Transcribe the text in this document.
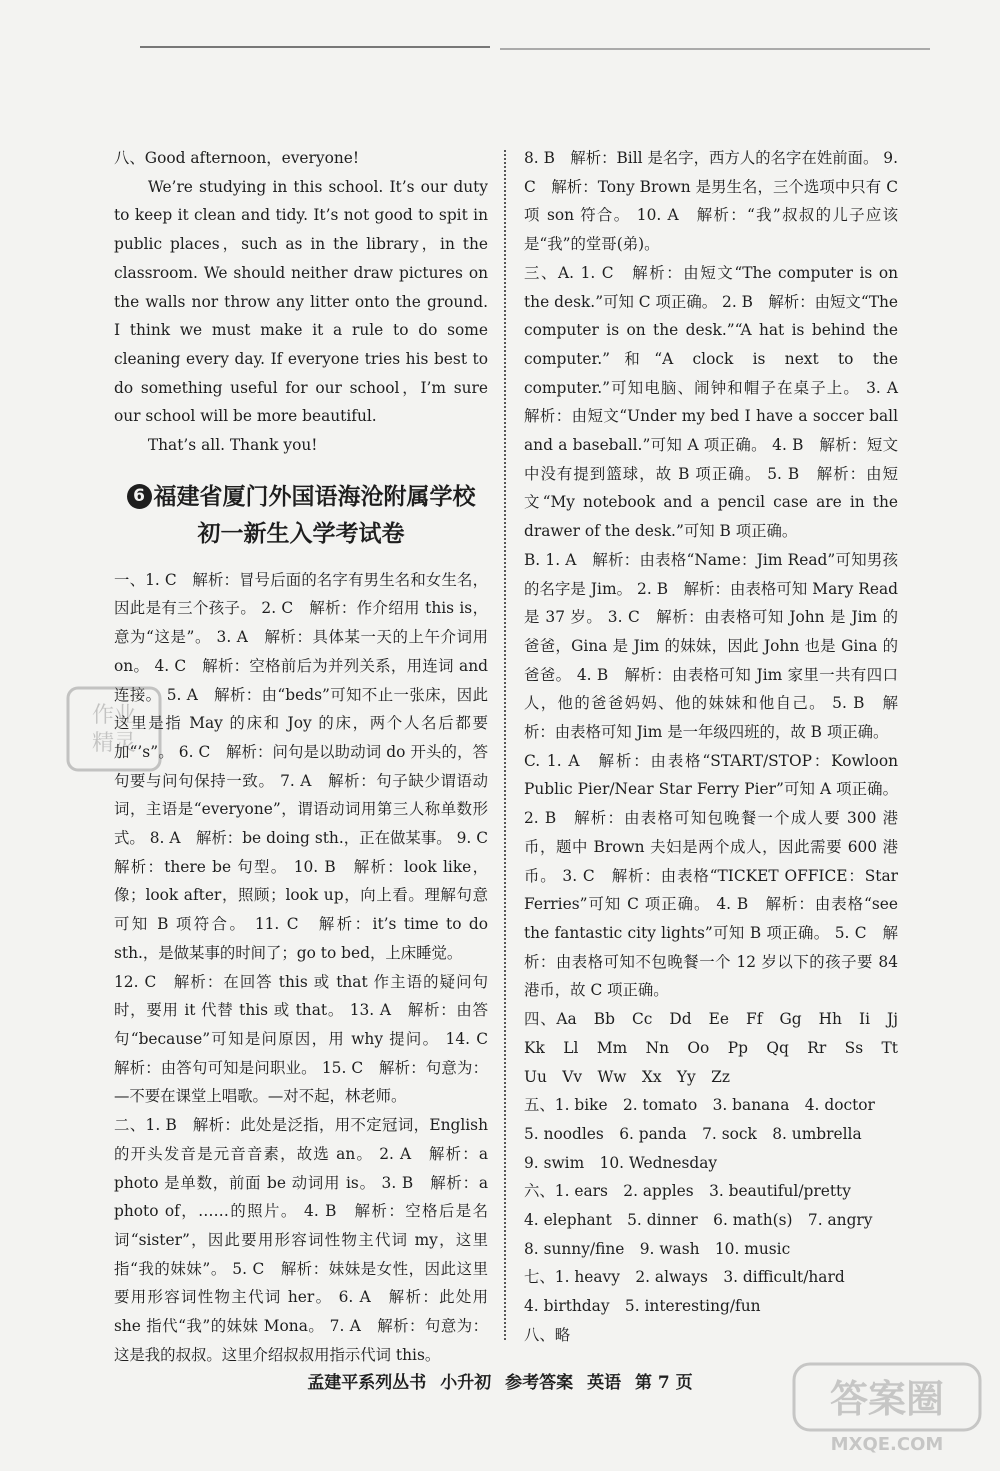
八、Good afternoon，everyone!

We’re studying in this school. It’s our duty to keep it clean and tidy. It’s not good to spit in public places，such as in the library，in the classroom. We should neither draw pictures on the walls nor throw any litter onto the ground. I think we must make it a rule to do some cleaning every day. If everyone tries his best to do something useful for our school，I’m sure our school will be more beautiful.

That’s all. Thank you!

6 福建省厦门外国语海沧附属学校
初一新生入学考试卷

一、1. C　解析：冒号后面的名字有男生名和女生名，因此是有三个孩子。 2. C　解析：作介绍用 this is，意为“这是”。 3. A　解析：具体某一天的上午介词用 on。 4. C　解析：空格前后为并列关系，用连词 and 连接。 5. A　解析：由“beds”可知不止一张床，因此这里是指 May 的床和 Joy 的床，两个人名后都要加“’s”。 6. C　解析：问句是以助动词 do 开头的，答句要与问句保持一致。 7. A　解析：句子缺少谓语动词，主语是“everyone”，谓语动词用第三人称单数形式。 8. A　解析：be doing sth.，正在做某事。 9. C　解析：there be 句型。 10. B　解析：look like，像；look after，照顾；look up，向上看。理解句意可知 B 项符合。 11. C　解析：it’s time to do sth.，是做某事的时间了；go to bed，上床睡觉。

12. C　解析：在回答 this 或 that 作主语的疑问句时，要用 it 代替 this 或 that。 13. A　解析：由答句“because”可知是问原因，用 why 提问。 14. C　解析：由答句可知是问职业。 15. C　解析：句意为：—不要在课堂上唱歌。—对不起，林老师。

二、1. B　解析：此处是泛指，用不定冠词，English 的开头发音是元音音素，故选 an。 2. A　解析：a photo 是单数，前面 be 动词用 is。 3. B　解析：a photo of，……的照片。 4. B　解析：空格后是名词“sister”，因此要用形容词性物主代词 my，这里指“我的妹妹”。 5. C　解析：妹妹是女性，因此这里要用形容词性物主代词 her。 6. A　解析：此处用 she 指代“我”的妹妹 Mona。 7. A　解析：句意为：这是我的叔叔。这里介绍叔叔用指示代词 this。

8. B　解析：Bill 是名字，西方人的名字在姓前面。 9. C　解析：Tony Brown 是男生名，三个选项中只有 C 项 son 符合。 10. A　解析：“我”叔叔的儿子应该是“我”的堂哥(弟)。

三、A. 1. C　解析：由短文“The computer is on the desk.”可知 C 项正确。 2. B　解析：由短文“The computer is on the desk.”“A hat is behind the computer.”和“A clock is next to the computer.”可知电脑、闹钟和帽子在桌子上。 3. A　解析：由短文“Under my bed I have a soccer ball and a baseball.”可知 A 项正确。 4. B　解析：短文中没有提到篮球，故 B 项正确。 5. B　解析：由短文“My notebook and a pencil case are in the drawer of the desk.”可知 B 项正确。

B. 1. A　解析：由表格“Name：Jim Read”可知男孩的名字是 Jim。 2. B　解析：由表格可知 Mary Read 是 37 岁。 3. C　解析：由表格可知 John 是 Jim 的爸爸，Gina 是 Jim 的妹妹，因此 John 也是 Gina 的爸爸。 4. B　解析：由表格可知 Jim 家里一共有四口人，他的爸爸妈妈、他的妹妹和他自己。 5. B　解析：由表格可知 Jim 是一年级四班的，故 B 项正确。

C. 1. A　解析：由表格“START/STOP：Kowloon Public Pier/Near Star Ferry Pier”可知 A 项正确。 2. B　解析：由表格可知包晚餐一个成人要 300 港币，题中 Brown 夫妇是两个成人，因此需要 600 港币。 3. C　解析：由表格“TICKET OFFICE：Star Ferries”可知 C 项正确。 4. B　解析：由表格“see the fantastic city lights”可知 B 项正确。 5. C　解析：由表格可知不包晚餐一个 12 岁以下的孩子要 84 港币，故 C 项正确。

四、Aa　Bb　Cc　Dd　Ee　Ff　Gg　Hh　Ii　Jj　Kk　Ll　Mm　Nn　Oo　Pp　Qq　Rr　Ss　Tt　Uu　Vv　Ww　Xx　Yy　Zz

五、1. bike　2. tomato　3. banana　4. doctor

5. noodles　6. panda　7. sock　8. umbrella

9. swim　10. Wednesday

六、1. ears　2. apples　3. beautiful/pretty

4. elephant　5. dinner　6. math(s)　7. angry

8. sunny/fine　9. wash　10. music

七、1. heavy　2. always　3. difficult/hard

4. birthday　5. interesting/fun

八、略

孟建平系列丛书 小升初 参考答案 英语 第 7 页
作业
精灵
答案圈
MXQE.COM
